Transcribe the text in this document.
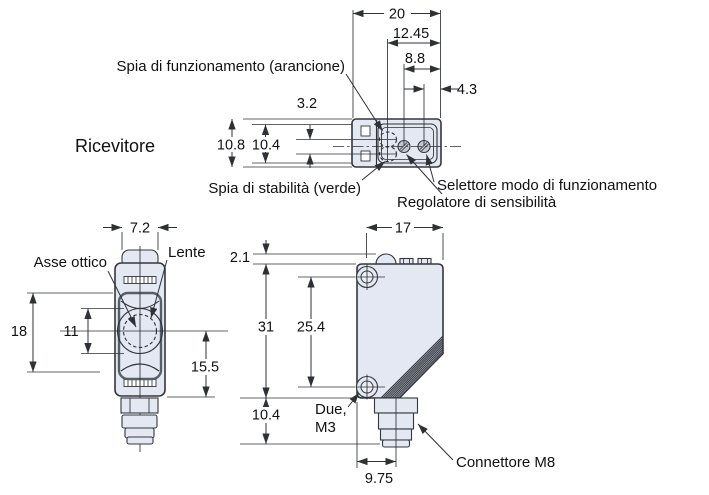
20
12.45
8.8
4.3
10.8 10.4
3.2
Spia di funzionamento (arancione)
Spia di stabilità (verde)	Selettore modo di funzionamento
Regolatore di sensibilità
Ricevitore
7.2
18	11
15.5
Asse ottico
Lente
17
2.1
31 25.4
10.4
9.75
Due,
M3
Connettore M8
